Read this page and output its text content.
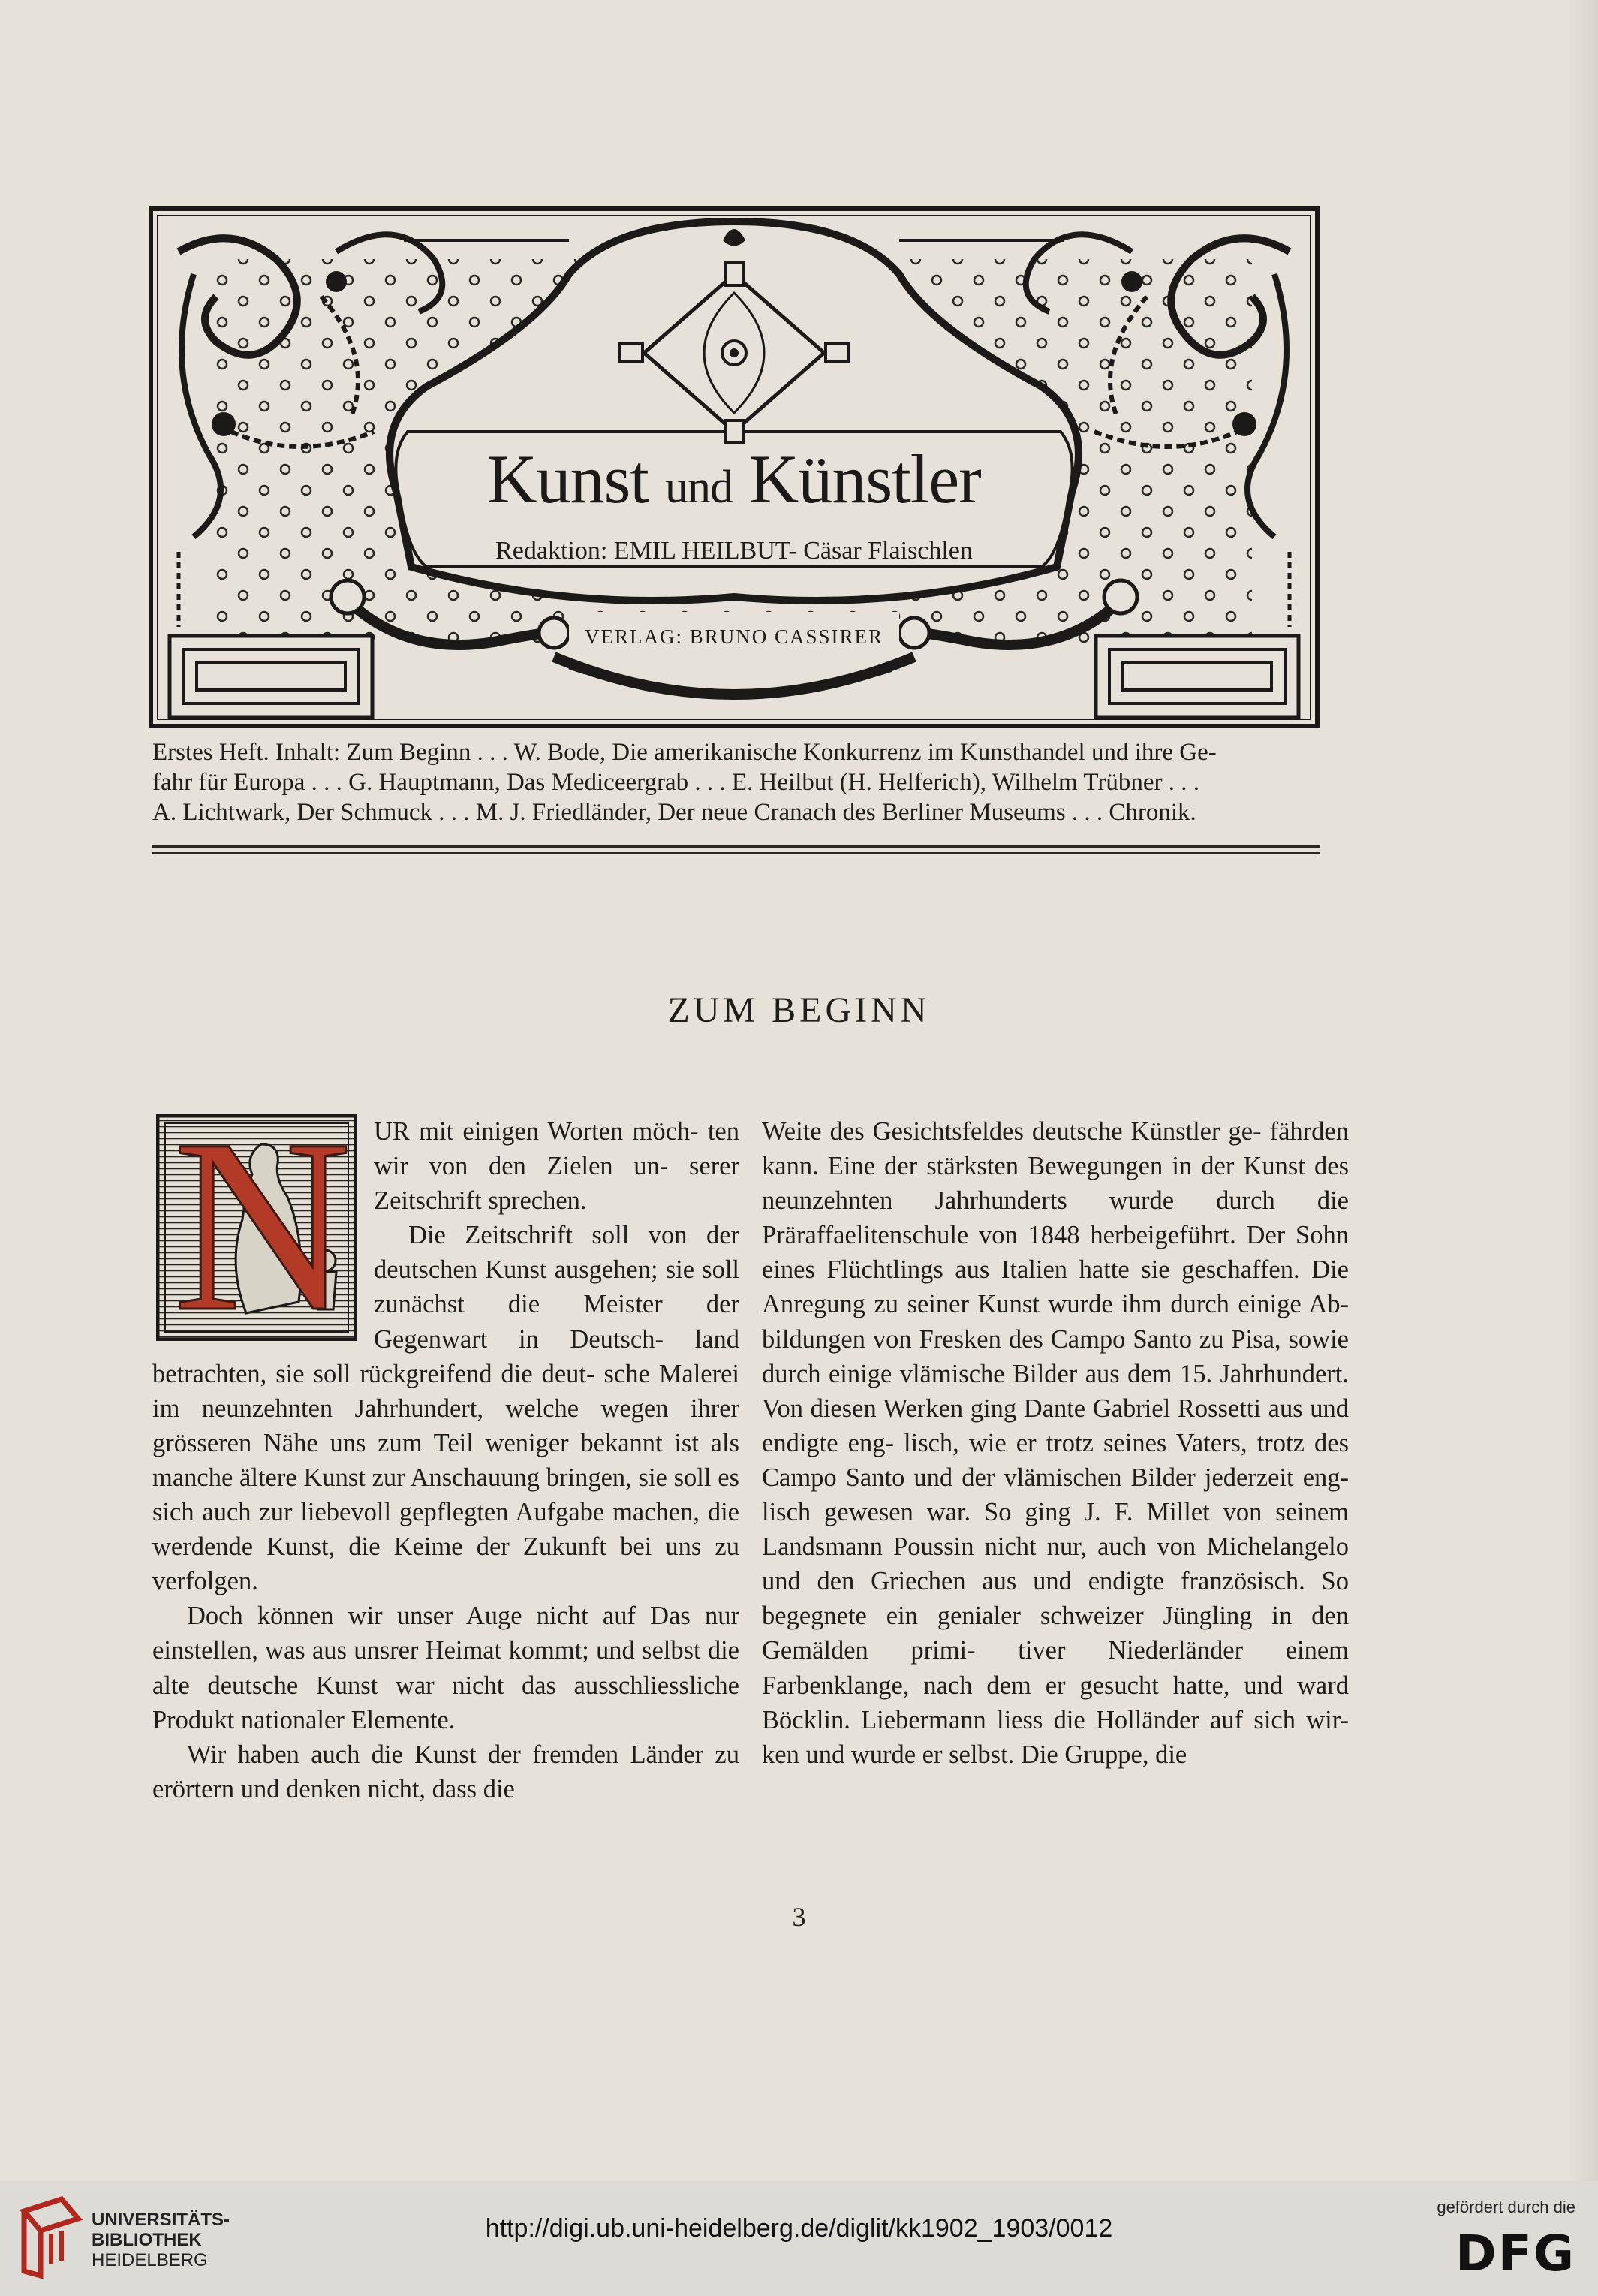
Kunst und Künstler
Redaktion: EMIL HEILBUT- Cäsar Flaischlen
VERLAG: BRUNO CASSIRER

Erstes Heft. Inhalt: Zum Beginn . . . W. Bode, Die amerikanische Konkurrenz im Kunsthandel und ihre Ge-

fahr für Europa . . . G. Hauptmann, Das Mediceergrab . . . E. Heilbut (H. Helferich), Wilhelm Trübner . . .

A. Lichtwark, Der Schmuck . . . M. J. Friedländer, Der neue Cranach des Berliner Museums . . . Chronik.

ZUM BEGINN
N UR mit einigen Worten möch- ten wir von den Zielen un- serer Zeitschrift sprechen.

Die Zeitschrift soll von der deutschen Kunst ausgehen; sie soll zunächst die Meister der Gegenwart in Deutsch- land betrachten, sie soll rückgreifend die deut- sche Malerei im neunzehnten Jahrhundert, welche wegen ihrer grösseren Nähe uns zum Teil weniger bekannt ist als manche ältere Kunst zur Anschauung bringen, sie soll es sich auch zur liebevoll gepflegten Aufgabe machen, die werdende Kunst, die Keime der Zukunft bei uns zu verfolgen.

Doch können wir unser Auge nicht auf Das nur einstellen, was aus unsrer Heimat kommt; und selbst die alte deutsche Kunst war nicht das ausschliessliche Produkt nationaler Elemente.

Wir haben auch die Kunst der fremden Länder zu erörtern und denken nicht, dass die

Weite des Gesichtsfeldes deutsche Künstler ge- fährden kann. Eine der stärksten Bewegungen in der Kunst des neunzehnten Jahrhunderts wurde durch die Präraffaelitenschule von 1848 herbeigeführt. Der Sohn eines Flüchtlings aus Italien hatte sie geschaffen. Die Anregung zu seiner Kunst wurde ihm durch einige Ab- bildungen von Fresken des Campo Santo zu Pisa, sowie durch einige vlämische Bilder aus dem 15. Jahrhundert. Von diesen Werken ging Dante Gabriel Rossetti aus und endigte eng- lisch, wie er trotz seines Vaters, trotz des Campo Santo und der vlämischen Bilder jederzeit eng- lisch gewesen war. So ging J. F. Millet von seinem Landsmann Poussin nicht nur, auch von Michelangelo und den Griechen aus und endigte französisch. So begegnete ein genialer schweizer Jüngling in den Gemälden primi- tiver Niederländer einem Farbenklange, nach dem er gesucht hatte, und ward Böcklin. Liebermann liess die Holländer auf sich wir- ken und wurde er selbst. Die Gruppe, die

3
UNIVERSITÄTS-
BIBLIOTHEK
HEIDELBERG
http://digi.ub.uni-heidelberg.de/diglit/kk1902_1903/0012
gefördert durch die
DFG
